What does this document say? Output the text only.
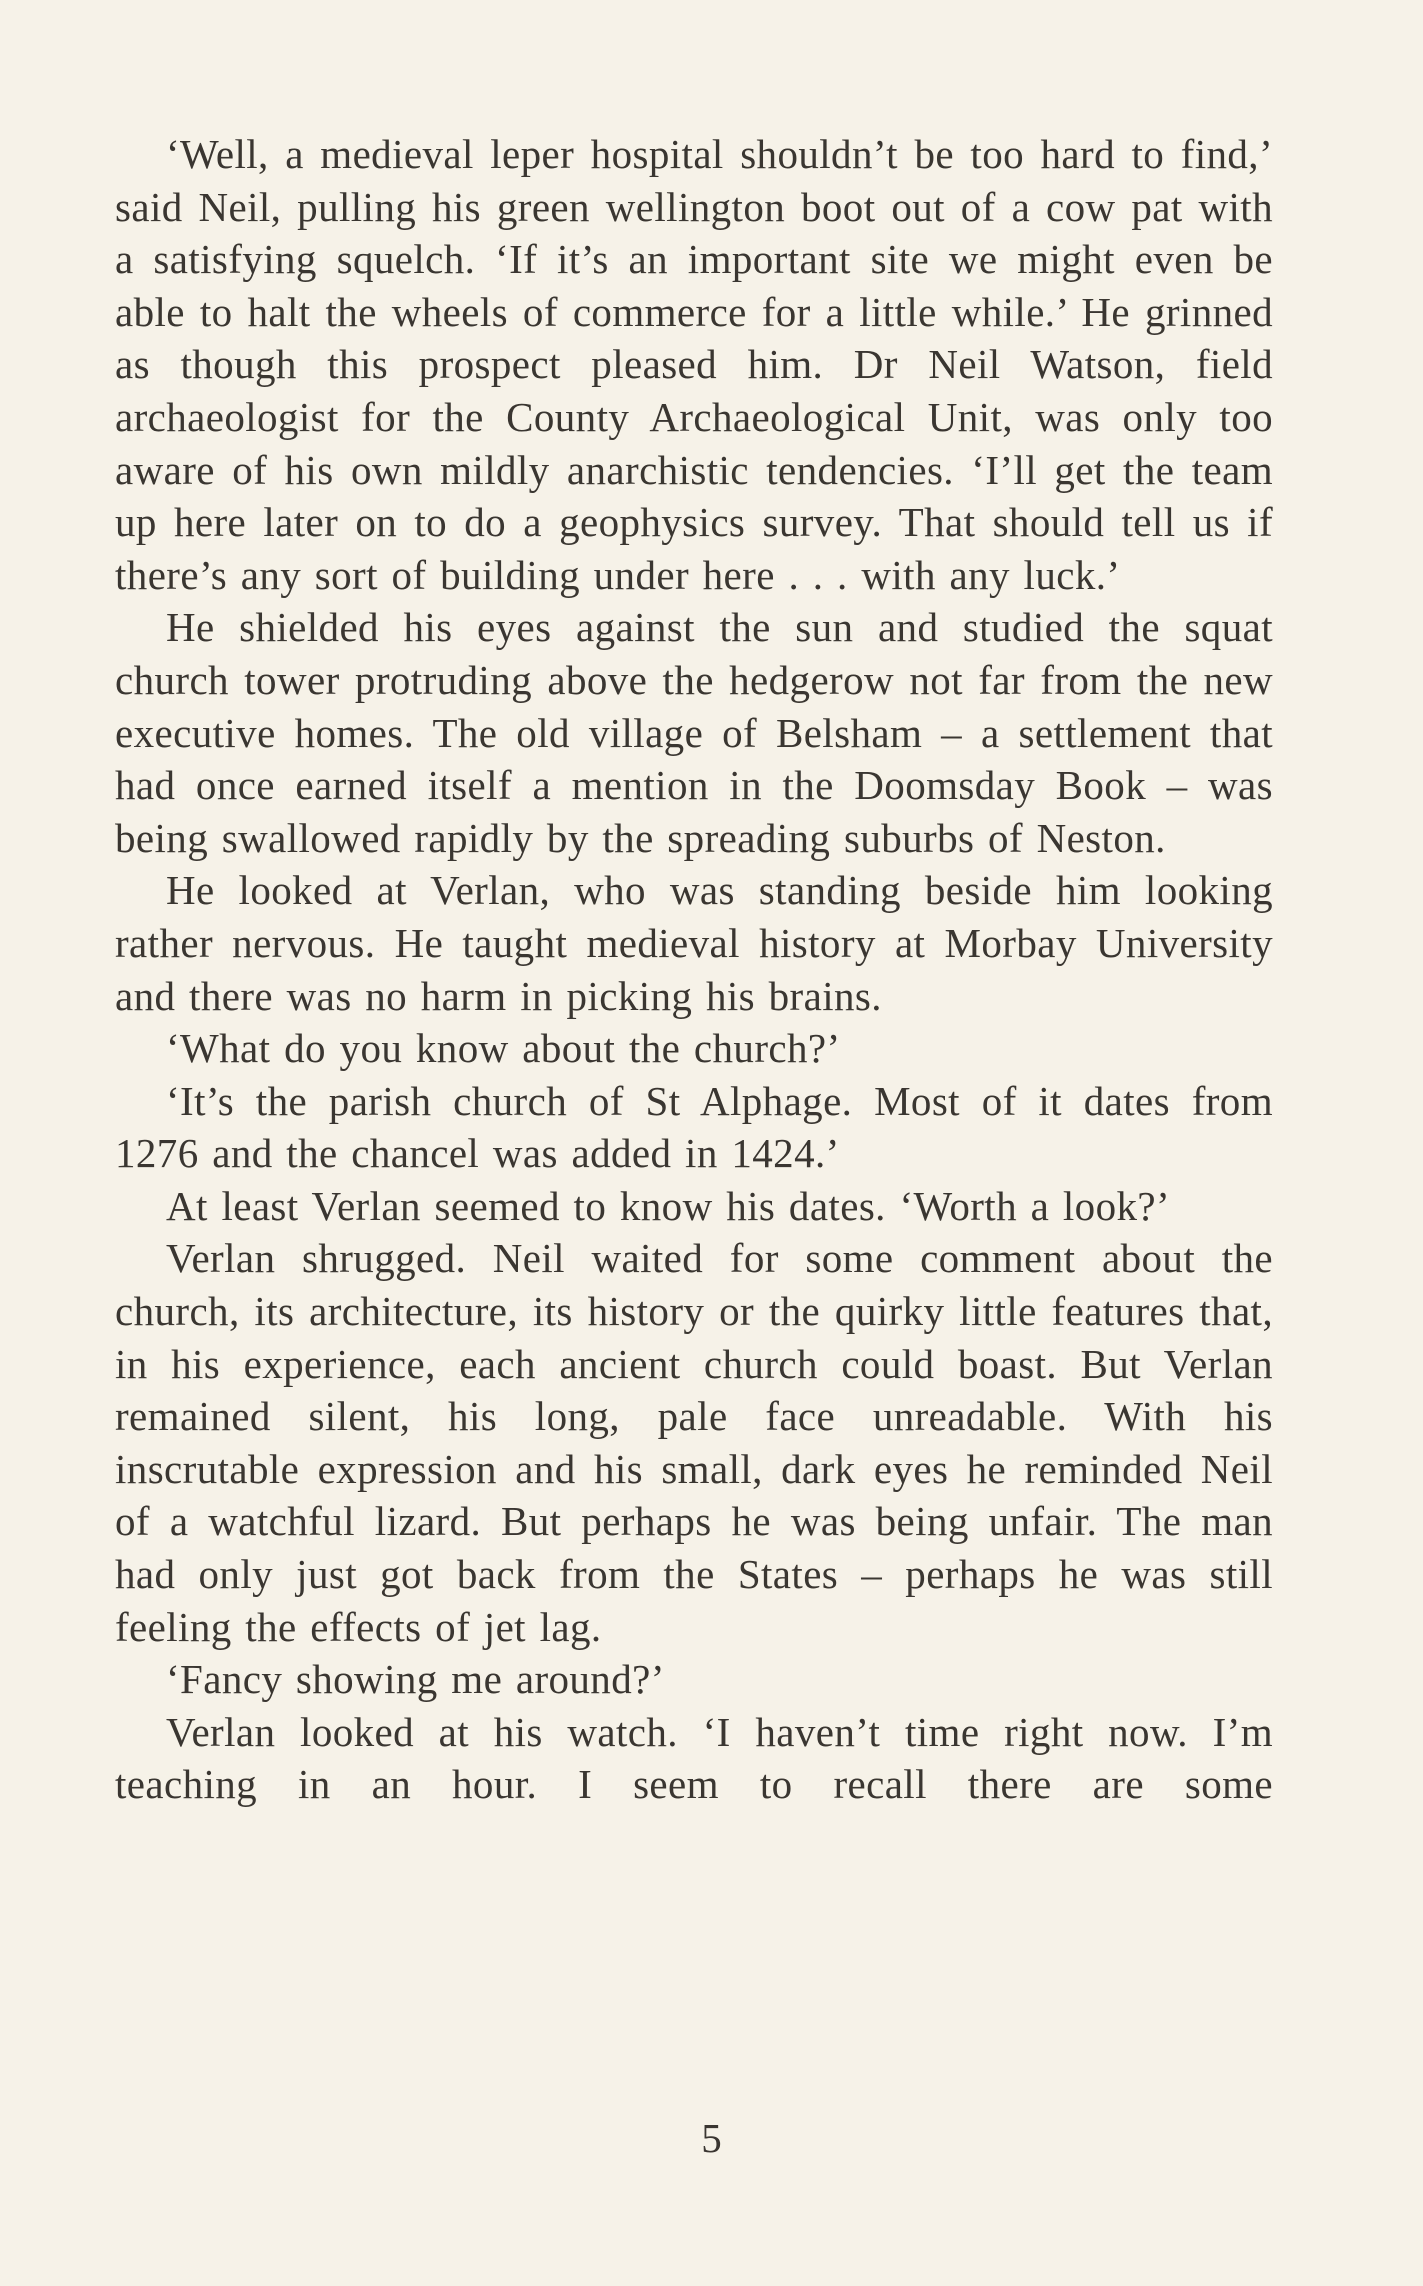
‘Well, a medieval leper hospital shouldn’t be too hard to find,’ said Neil, pulling his green wellington boot out of a cow pat with a satisfying squelch. ‘If it’s an important site we might even be able to halt the wheels of commerce for a little while.’ He grinned as though this prospect pleased him. Dr Neil Watson, field archaeologist for the County Archaeological Unit, was only too aware of his own mildly anarchistic tendencies. ‘I’ll get the team up here later on to do a geophysics survey. That should tell us if there’s any sort of building under here . . . with any luck.’

He shielded his eyes against the sun and studied the squat church tower protruding above the hedgerow not far from the new executive homes. The old village of Belsham – a settlement that had once earned itself a mention in the Doomsday Book – was being swallowed rapidly by the spreading suburbs of Neston.

He looked at Verlan, who was standing beside him looking rather nervous. He taught medieval history at Morbay University and there was no harm in picking his brains.

‘What do you know about the church?’

‘It’s the parish church of St Alphage. Most of it dates from 1276 and the chancel was added in 1424.’

At least Verlan seemed to know his dates. ‘Worth a look?’

Verlan shrugged. Neil waited for some comment about the church, its architecture, its history or the quirky little features that, in his experience, each ancient church could boast. But Verlan remained silent, his long, pale face unreadable. With his inscrutable expression and his small, dark eyes he reminded Neil of a watchful lizard. But perhaps he was being unfair. The man had only just got back from the States – perhaps he was still feeling the effects of jet lag.

‘Fancy showing me around?’

Verlan looked at his watch. ‘I haven’t time right now. I’m teaching in an hour. I seem to recall there are some

5
